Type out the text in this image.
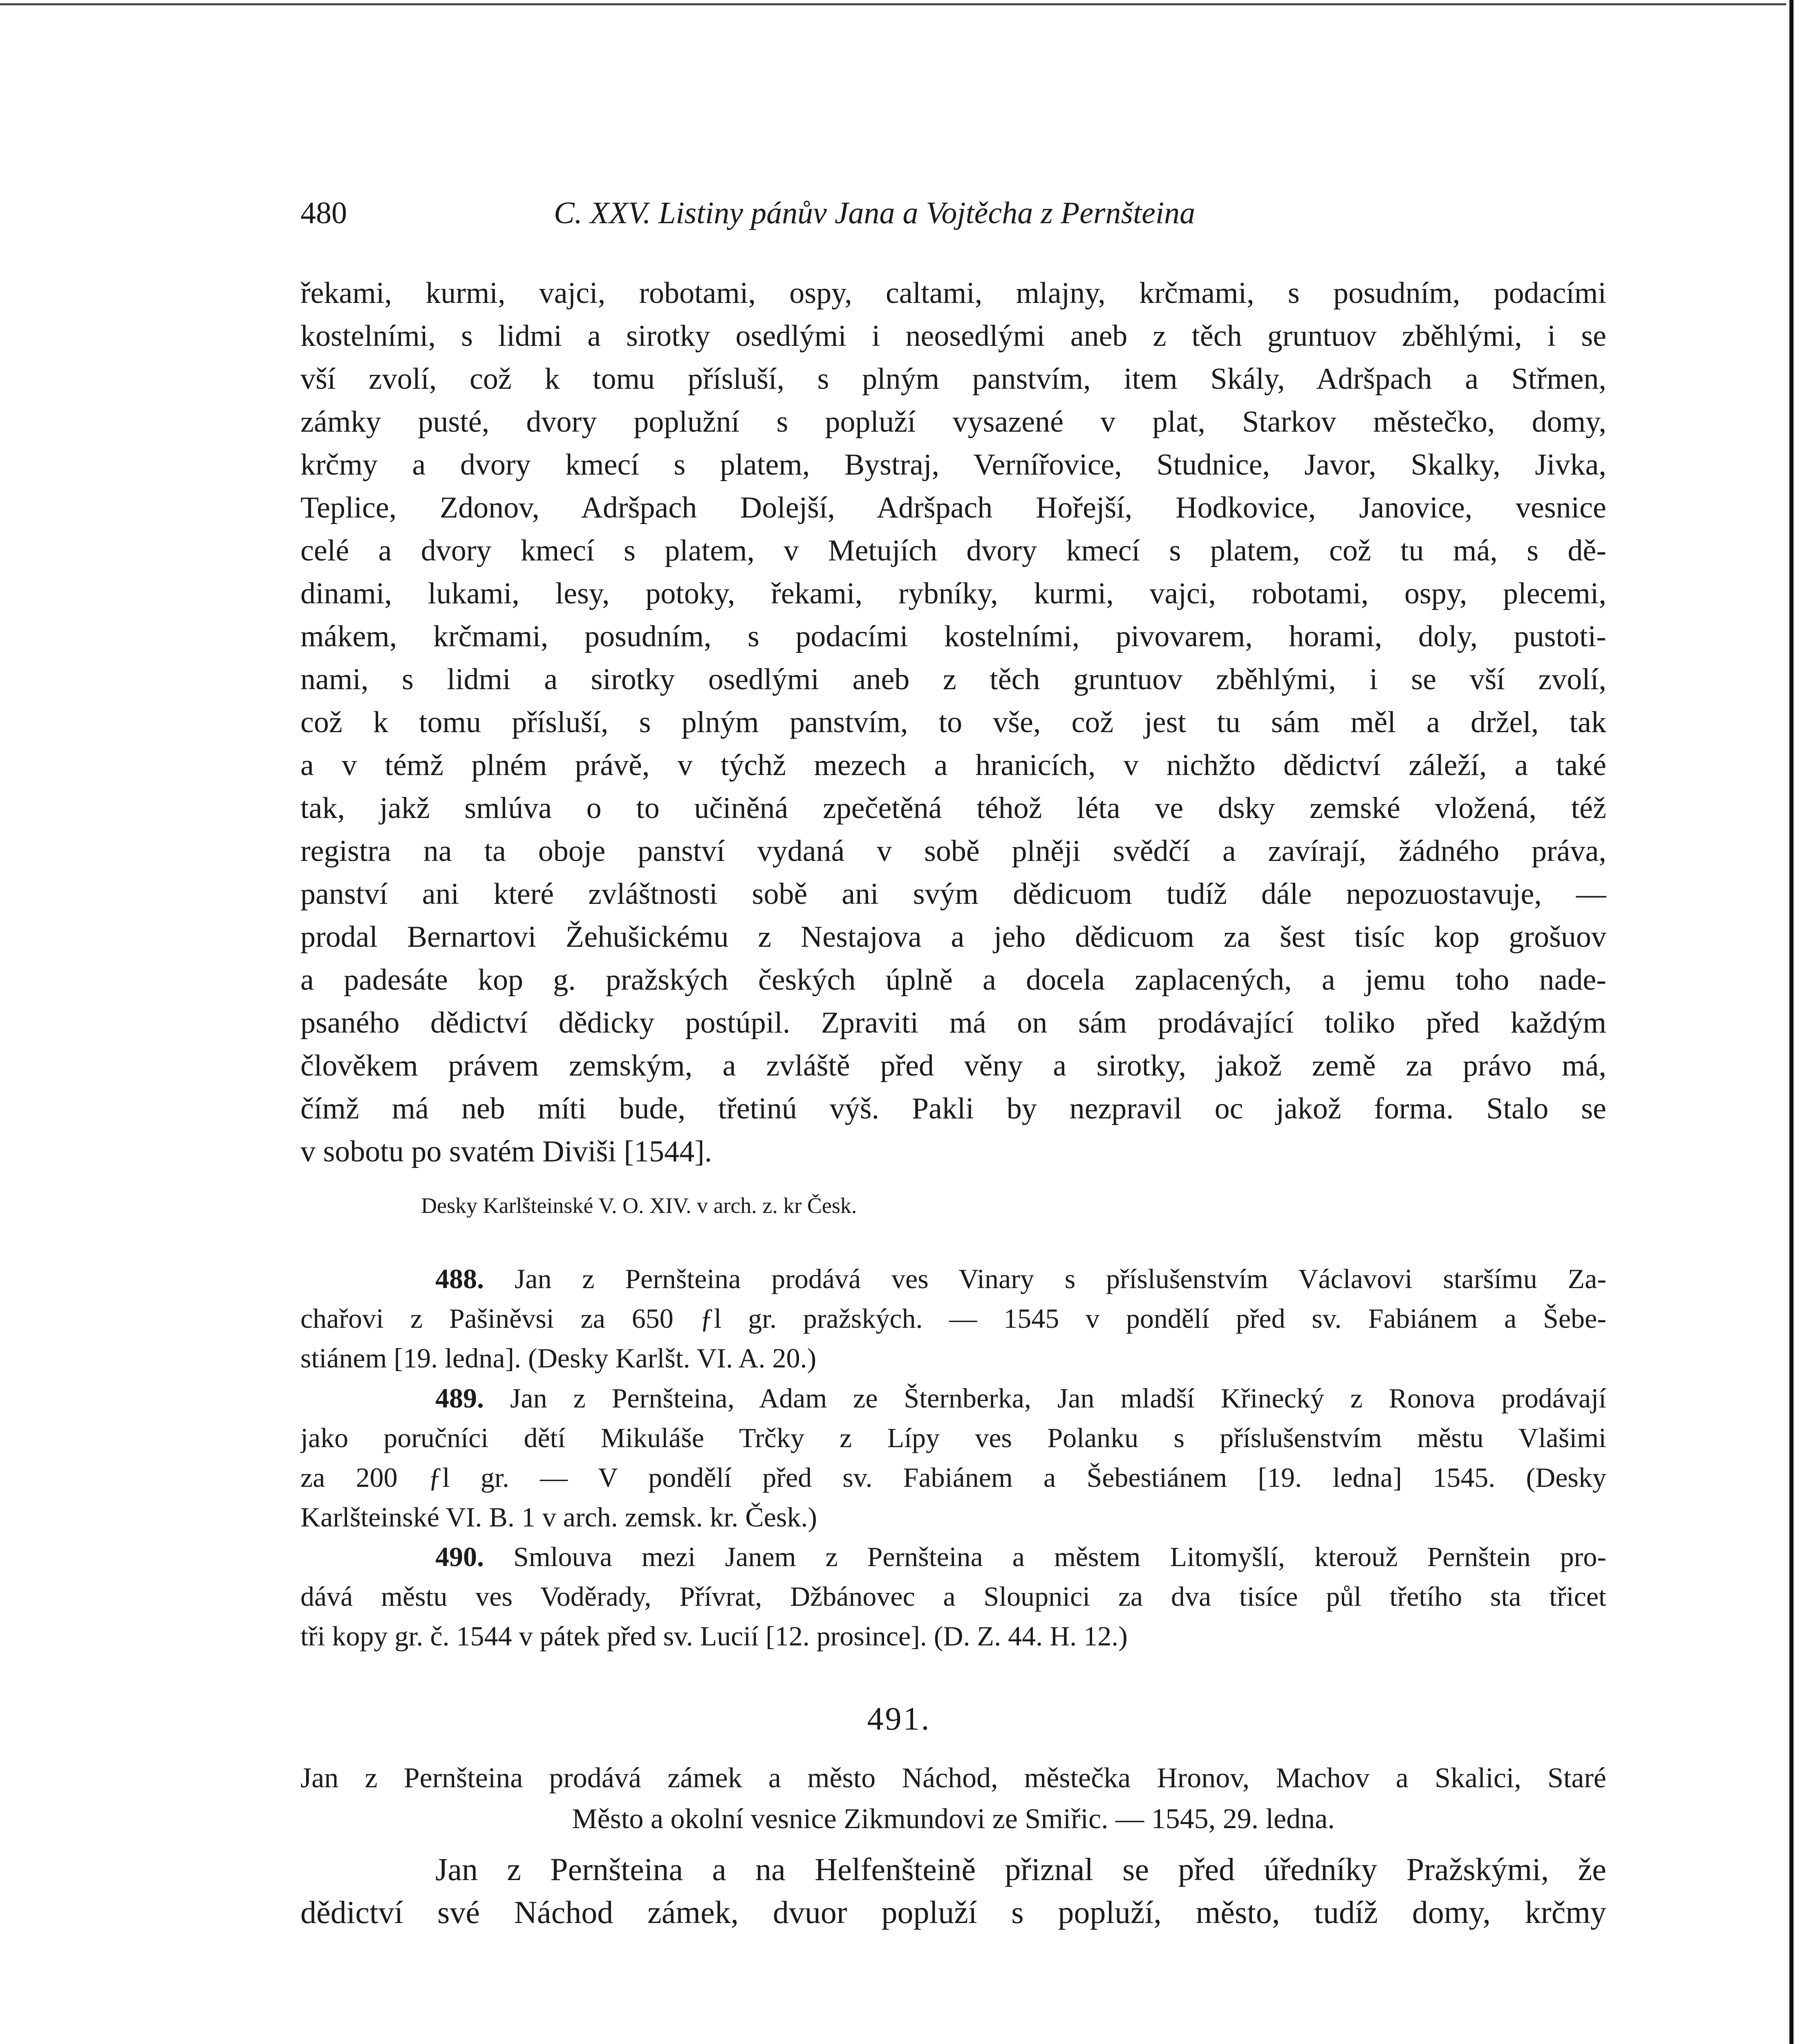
480	C. XXV. Listiny pánův Jana a Vojtěcha z Pernšteina
řekami, kurmi, vajci, robotami, ospy, caltami, mlajny, krčmami, s posudním, podacími
kostelními, s lidmi a sirotky osedlými i neosedlými aneb z těch gruntuov zběhlými, i se
vší zvolí, což k tomu přísluší, s plným panstvím, item Skály, Adršpach a Střmen,
zámky pusté, dvory poplužní s popluží vysazené v plat, Starkov městečko, domy,
krčmy a dvory kmecí s platem, Bystraj, Vernířovice, Studnice, Javor, Skalky, Jivka,
Teplice, Zdonov, Adršpach Dolejší, Adršpach Hořejší, Hodkovice, Janovice, vesnice
celé a dvory kmecí s platem, v Metujích dvory kmecí s platem, což tu má, s dě-
dinami, lukami, lesy, potoky, řekami, rybníky, kurmi, vajci, robotami, ospy, plecemi,
mákem, krčmami, posudním, s podacími kostelními, pivovarem, horami, doly, pustoti-
nami, s lidmi a sirotky osedlými aneb z těch gruntuov zběhlými, i se vší zvolí,
což k tomu přísluší, s plným panstvím, to vše, což jest tu sám měl a držel, tak
a v témž plném právě, v týchž mezech a hranicích, v nichžto dědictví záleží, a také
tak, jakž smlúva o to učiněná zpečetěná téhož léta ve dsky zemské vložená, též
registra na ta oboje panství vydaná v sobě plněji svědčí a zavírají, žádného práva,
panství ani které zvláštnosti sobě ani svým dědicuom tudíž dále nepozuostavuje, —
prodal Bernartovi Žehušickému z Nestajova a jeho dědicuom za šest tisíc kop grošuov
a padesáte kop g. pražských českých úplně a docela zaplacených, a jemu toho nade-
psaného dědictví dědicky postúpil. Zpraviti má on sám prodávající toliko před každým
člověkem právem zemským, a zvláště před věny a sirotky, jakož země za právo má,
čímž má neb míti bude, třetinú výš. Pakli by nezpravil oc jakož forma. Stalo se
v sobotu po svatém Diviši [1544].
Desky Karlšteinské V. O. XIV. v arch. z. kr Česk.
488. Jan z Pernšteina prodává ves Vinary s příslušenstvím Václavovi staršímu Za-
chařovi z Pašiněvsi za 650 ƒl gr. pražských. — 1545 v pondělí před sv. Fabiánem a Šebe-
stiánem [19. ledna]. (Desky Karlšt. VI. A. 20.)
489. Jan z Pernšteina, Adam ze Šternberka, Jan mladší Křinecký z Ronova prodávají
jako poručníci dětí Mikuláše Trčky z Lípy ves Polanku s příslušenstvím městu Vlašimi
za 200 ƒl gr. — V pondělí před sv. Fabiánem a Šebestiánem [19. ledna] 1545. (Desky
Karlšteinské VI. B. 1 v arch. zemsk. kr. Česk.)
490. Smlouva mezi Janem z Pernšteina a městem Litomyšlí, kterouž Pernštein pro-
dává městu ves Voděrady, Přívrat, Džbánovec a Sloupnici za dva tisíce půl třetího sta třicet
tři kopy gr. č. 1544 v pátek před sv. Lucií [12. prosince]. (D. Z. 44. H. 12.)
491.
Jan z Pernšteina prodává zámek a město Náchod, městečka Hronov, Machov a Skalici, Staré
Město a okolní vesnice Zikmundovi ze Smiřic. — 1545, 29. ledna.
Jan z Pernšteina a na Helfenšteině přiznal se před úředníky Pražskými, že
dědictví své Náchod zámek, dvuor popluží s popluží, město, tudíž domy, krčmy
